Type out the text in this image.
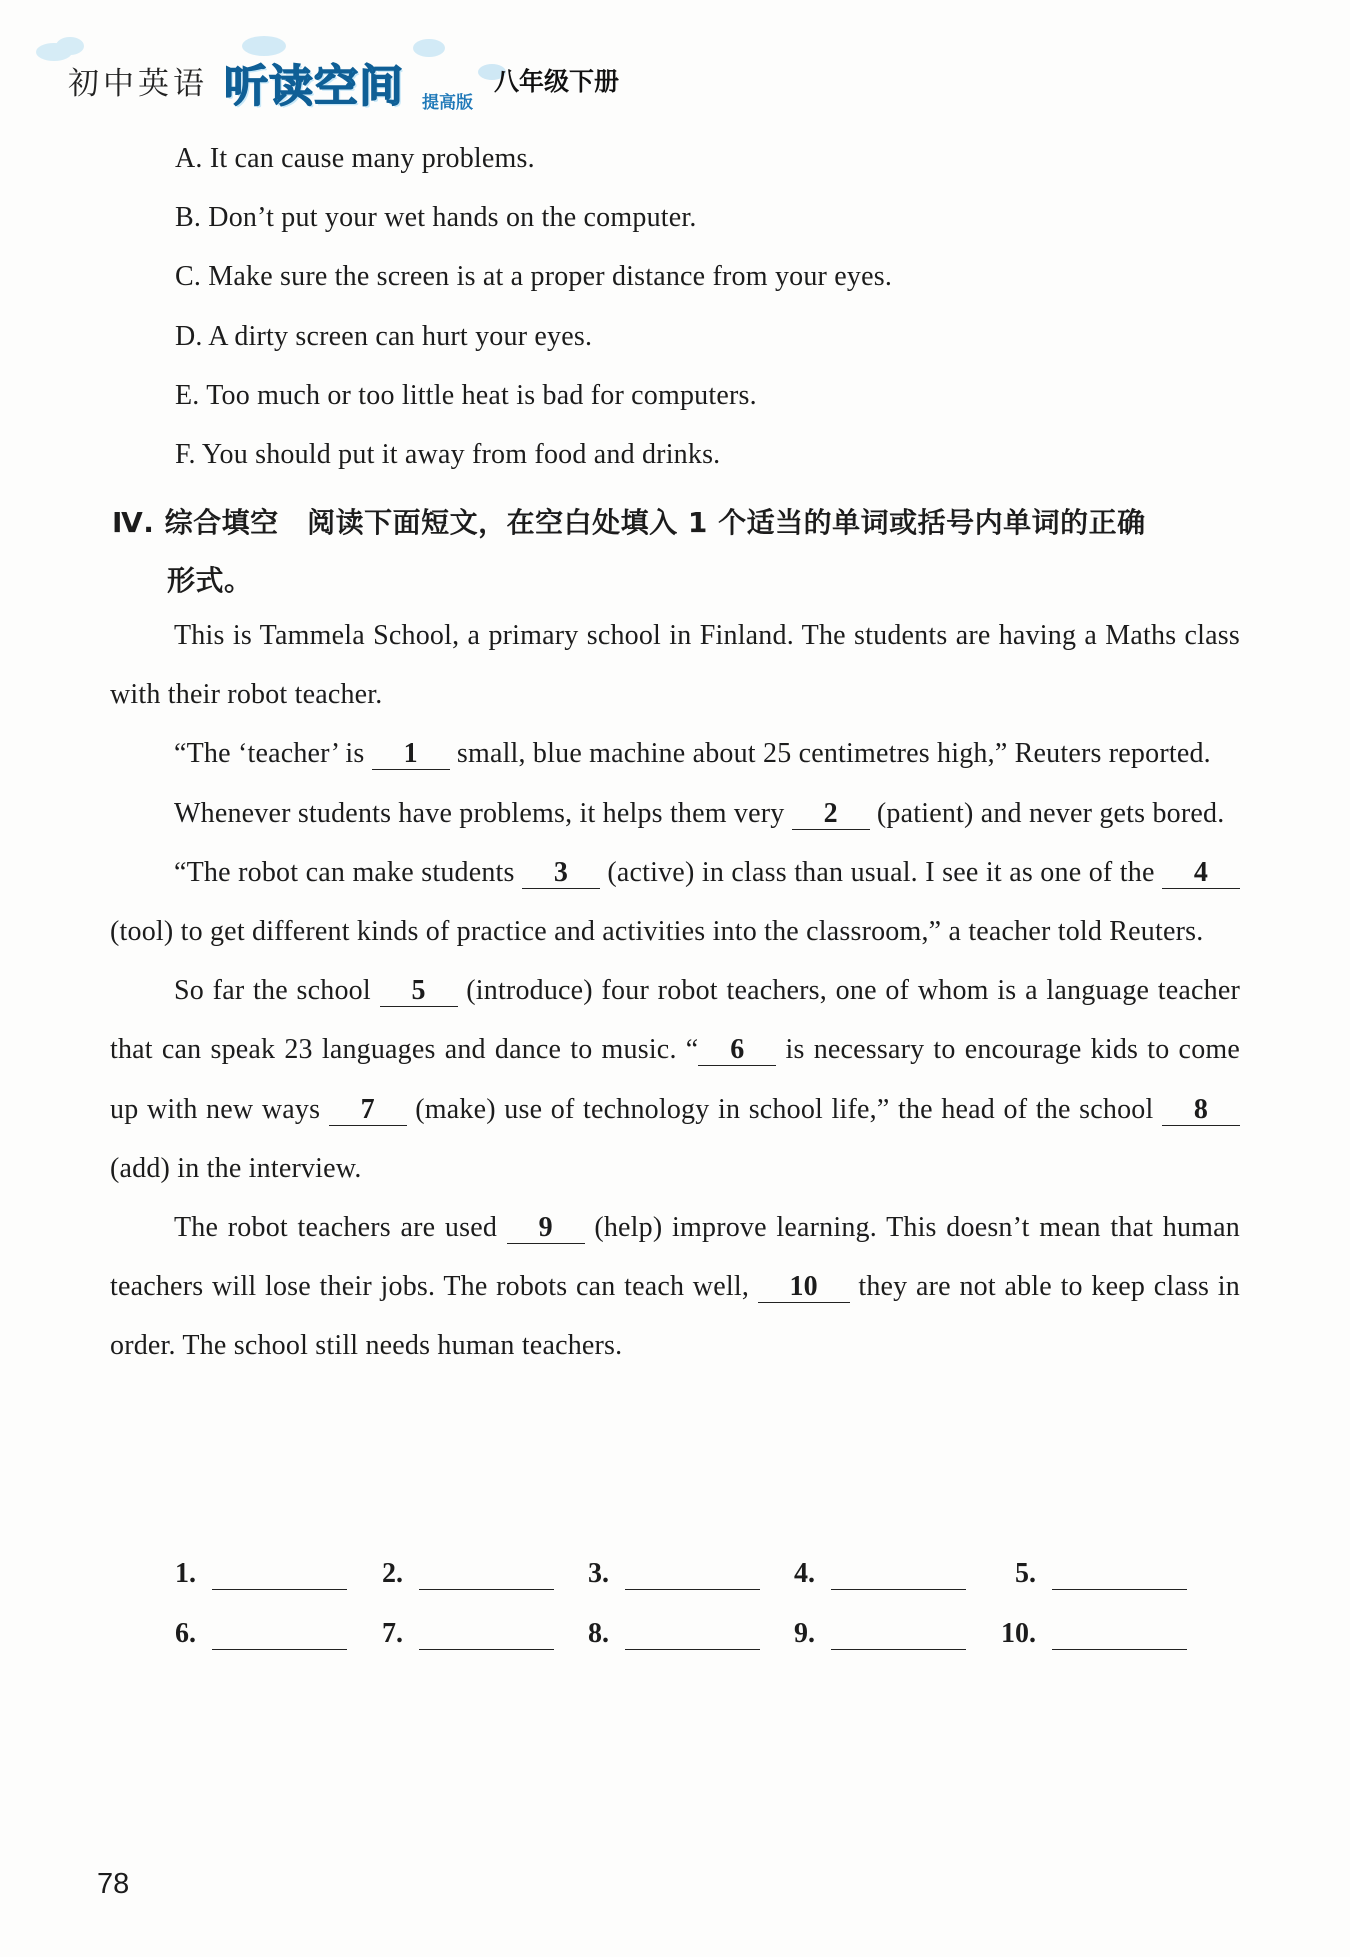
初中英语 听读空间 提高版
八年级下册
A. It can cause many problems.
B. Don’t put your wet hands on the computer.
C. Make sure the screen is at a proper distance from your eyes.
D. A dirty screen can hurt your eyes.
E. Too much or too little heat is bad for computers.
F. You should put it away from food and drinks.
Ⅳ. 综合填空　阅读下面短文，在空白处填入 1 个适当的单词或括号内单词的正确
形式。

This is Tammela School, a primary school in Finland. The students are having a Maths class with their robot teacher.

“The ‘teacher’ is 1 small, blue machine about 25 centimetres high,” Reuters reported.

Whenever students have problems, it helps them very 2 (patient) and never gets bored.

“The robot can make students 3 (active) in class than usual. I see it as one of the 4 (tool) to get different kinds of practice and activities into the classroom,” a teacher told Reuters.

So far the school 5 (introduce) four robot teachers, one of whom is a language teacher that can speak 23 languages and dance to music. “ 6 is necessary to encourage kids to come up with new ways 7 (make) use of technology in school life,” the head of the school 8 (add) in the interview.

The robot teachers are used 9 (help) improve learning. This doesn’t mean that human teachers will lose their jobs. The robots can teach well, 10 they are not able to keep class in order. The school still needs human teachers.

1.	2.	3.	4.	5.
6.	7.	8.	9.	10.
78
